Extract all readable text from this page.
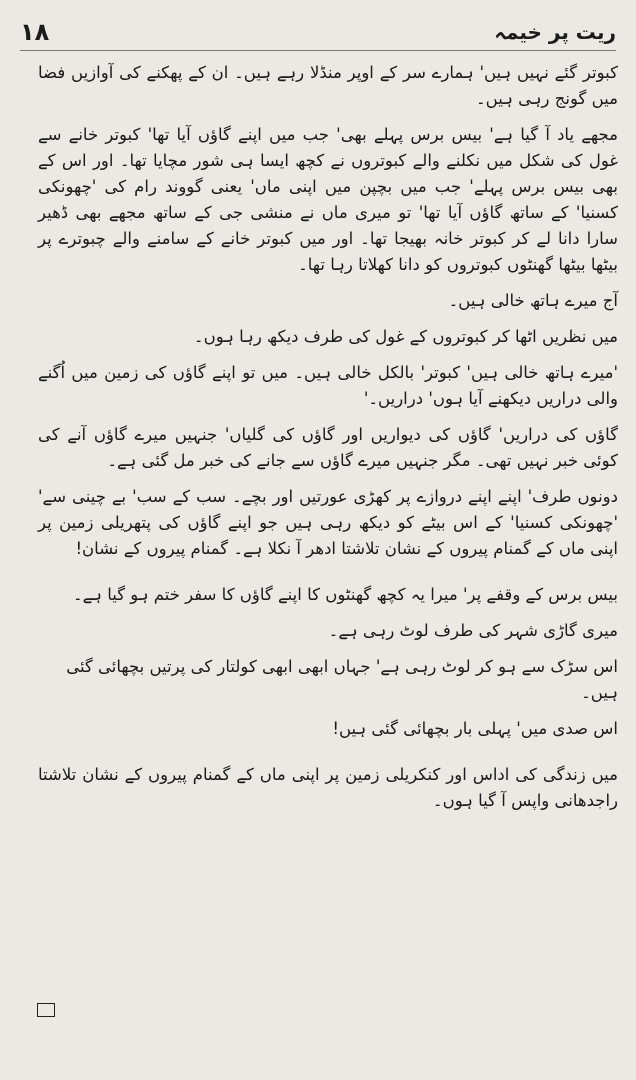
١٨	ریت پر خیمہ

کبوتر گئے نہیں ہیں' ہمارے سر کے اوپر منڈلا رہے ہیں۔ ان کے پھکنے کی آوازیں فضا میں گونج رہی ہیں۔

مجھے یاد آ گیا ہے' بیس برس پہلے بھی' جب میں اپنے گاؤں آیا تھا' کبوتر خانے سے غول کی شکل میں نکلنے والے کبوتروں نے کچھ ایسا ہی شور مچایا تھا۔ اور اس کے بھی بیس برس پہلے' جب میں بچپن میں اپنی ماں' یعنی گووند رام کی 'چھونکی کسنیا' کے ساتھ گاؤں آیا تھا' تو میری ماں نے منشی جی کے ساتھ مجھے بھی ڈھیر سارا دانا لے کر کبوتر خانہ بھیجا تھا۔ اور میں کبوتر خانے کے سامنے والے چبوترے پر بیٹھا بیٹھا گھنٹوں کبوتروں کو دانا کھلاتا رہا تھا۔

آج میرے ہاتھ خالی ہیں۔

میں نظریں اٹھا کر کبوتروں کے غول کی طرف دیکھ رہا ہوں۔

'میرے ہاتھ خالی ہیں' کبوتر' بالکل خالی ہیں۔ میں تو اپنے گاؤں کی زمین میں اُگنے والی دراریں دیکھنے آیا ہوں' دراریں۔'

گاؤں کی دراریں' گاؤں کی دیواریں اور گاؤں کی گلیاں' جنہیں میرے گاؤں آنے کی کوئی خبر نہیں تھی۔ مگر جنہیں میرے گاؤں سے جانے کی خبر مل گئی ہے۔

دونوں طرف' اپنے اپنے دروازے پر کھڑی عورتیں اور بچے۔ سب کے سب' بے چینی سے' 'چھونکی کسنیا' کے اس بیٹے کو دیکھ رہی ہیں جو اپنے گاؤں کی پتھریلی زمین پر اپنی ماں کے گمنام پیروں کے نشان تلاشتا ادھر آ نکلا ہے۔ گمنام پیروں کے نشان!

بیس برس کے وقفے پر' میرا یہ کچھ گھنٹوں کا اپنے گاؤں کا سفر ختم ہو گیا ہے۔

میری گاڑی شہر کی طرف لوٹ رہی ہے۔

اس سڑک سے ہو کر لوٹ رہی ہے' جہاں ابھی ابھی کولتار کی پرتیں بچھائی گئی ہیں۔

اس صدی میں' پہلی بار بچھائی گئی ہیں!

میں زندگی کی اداس اور کنکریلی زمین پر اپنی ماں کے گمنام پیروں کے نشان تلاشتا راجدھانی واپس آ گیا ہوں۔
